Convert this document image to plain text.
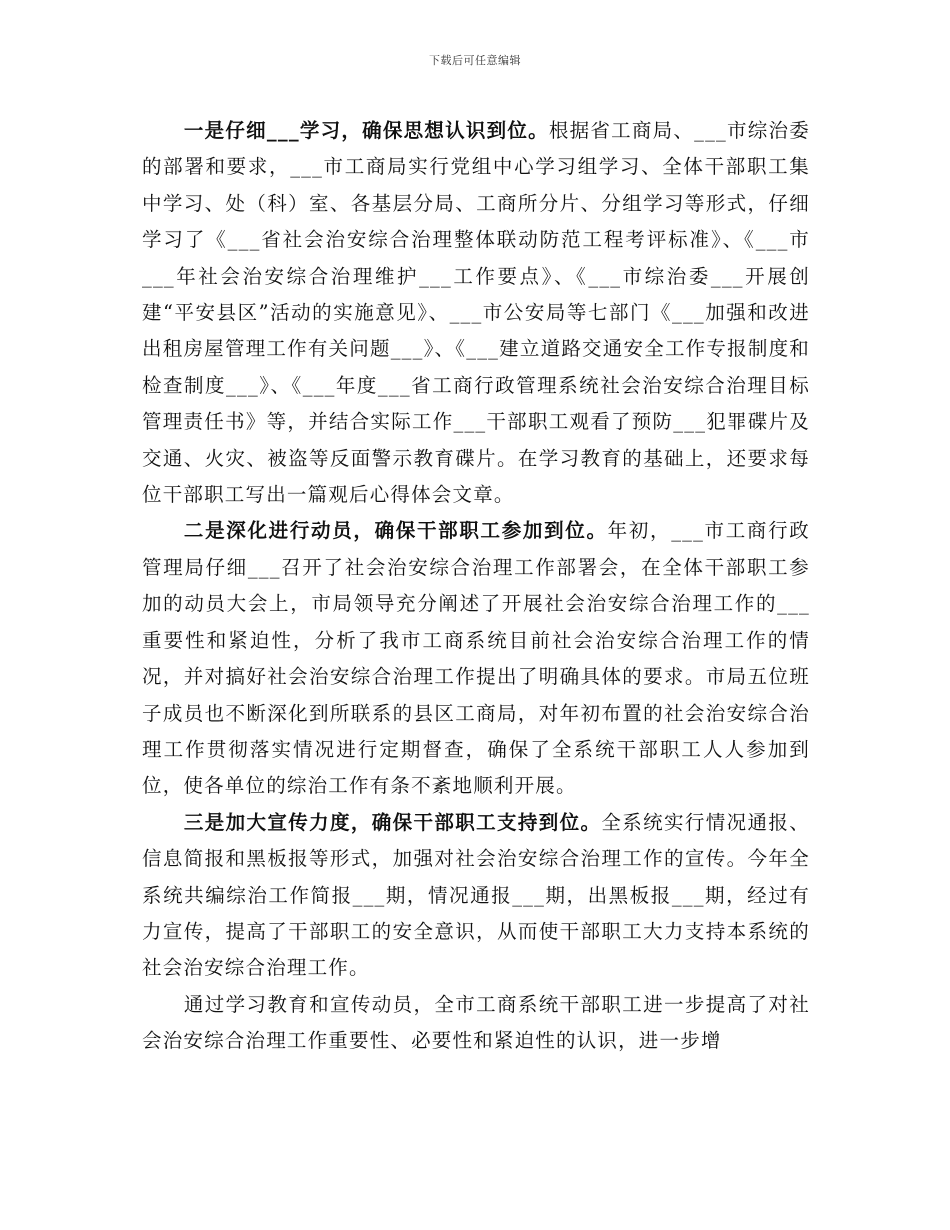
下载后可任意编辑

一是仔细___学习，确保思想认识到位。根据省工商局、___市综治委的部署和要求，___市工商局实行党组中心学习组学习、全体干部职工集中学习、处（科）室、各基层分局、工商所分片、分组学习等形式，仔细学习了《___省社会治安综合治理整体联动防范工程考评标准》、《___市___年社会治安综合治理维护___工作要点》、《___市综治委___开展创建“平安县区”活动的实施意见》、___市公安局等七部门《___加强和改进出租房屋管理工作有关问题___》、《___建立道路交通安全工作专报制度和检查制度___》、《___年度___省工商行政管理系统社会治安综合治理目标管理责任书》等，并结合实际工作___干部职工观看了预防___犯罪碟片及交通、火灾、被盗等反面警示教育碟片。在学习教育的基础上，还要求每位干部职工写出一篇观后心得体会文章。

二是深化进行动员，确保干部职工参加到位。年初，___市工商行政管理局仔细___召开了社会治安综合治理工作部署会，在全体干部职工参加的动员大会上，市局领导充分阐述了开展社会治安综合治理工作的___重要性和紧迫性，分析了我市工商系统目前社会治安综合治理工作的情况，并对搞好社会治安综合治理工作提出了明确具体的要求。市局五位班子成员也不断深化到所联系的县区工商局，对年初布置的社会治安综合治理工作贯彻落实情况进行定期督查，确保了全系统干部职工人人参加到位，使各单位的综治工作有条不紊地顺利开展。

三是加大宣传力度，确保干部职工支持到位。全系统实行情况通报、信息简报和黑板报等形式，加强对社会治安综合治理工作的宣传。今年全系统共编综治工作简报___期，情况通报___期，出黑板报___期，经过有力宣传，提高了干部职工的安全意识，从而使干部职工大力支持本系统的社会治安综合治理工作。

通过学习教育和宣传动员，全市工商系统干部职工进一步提高了对社会治安综合治理工作重要性、必要性和紧迫性的认识，进一步增
